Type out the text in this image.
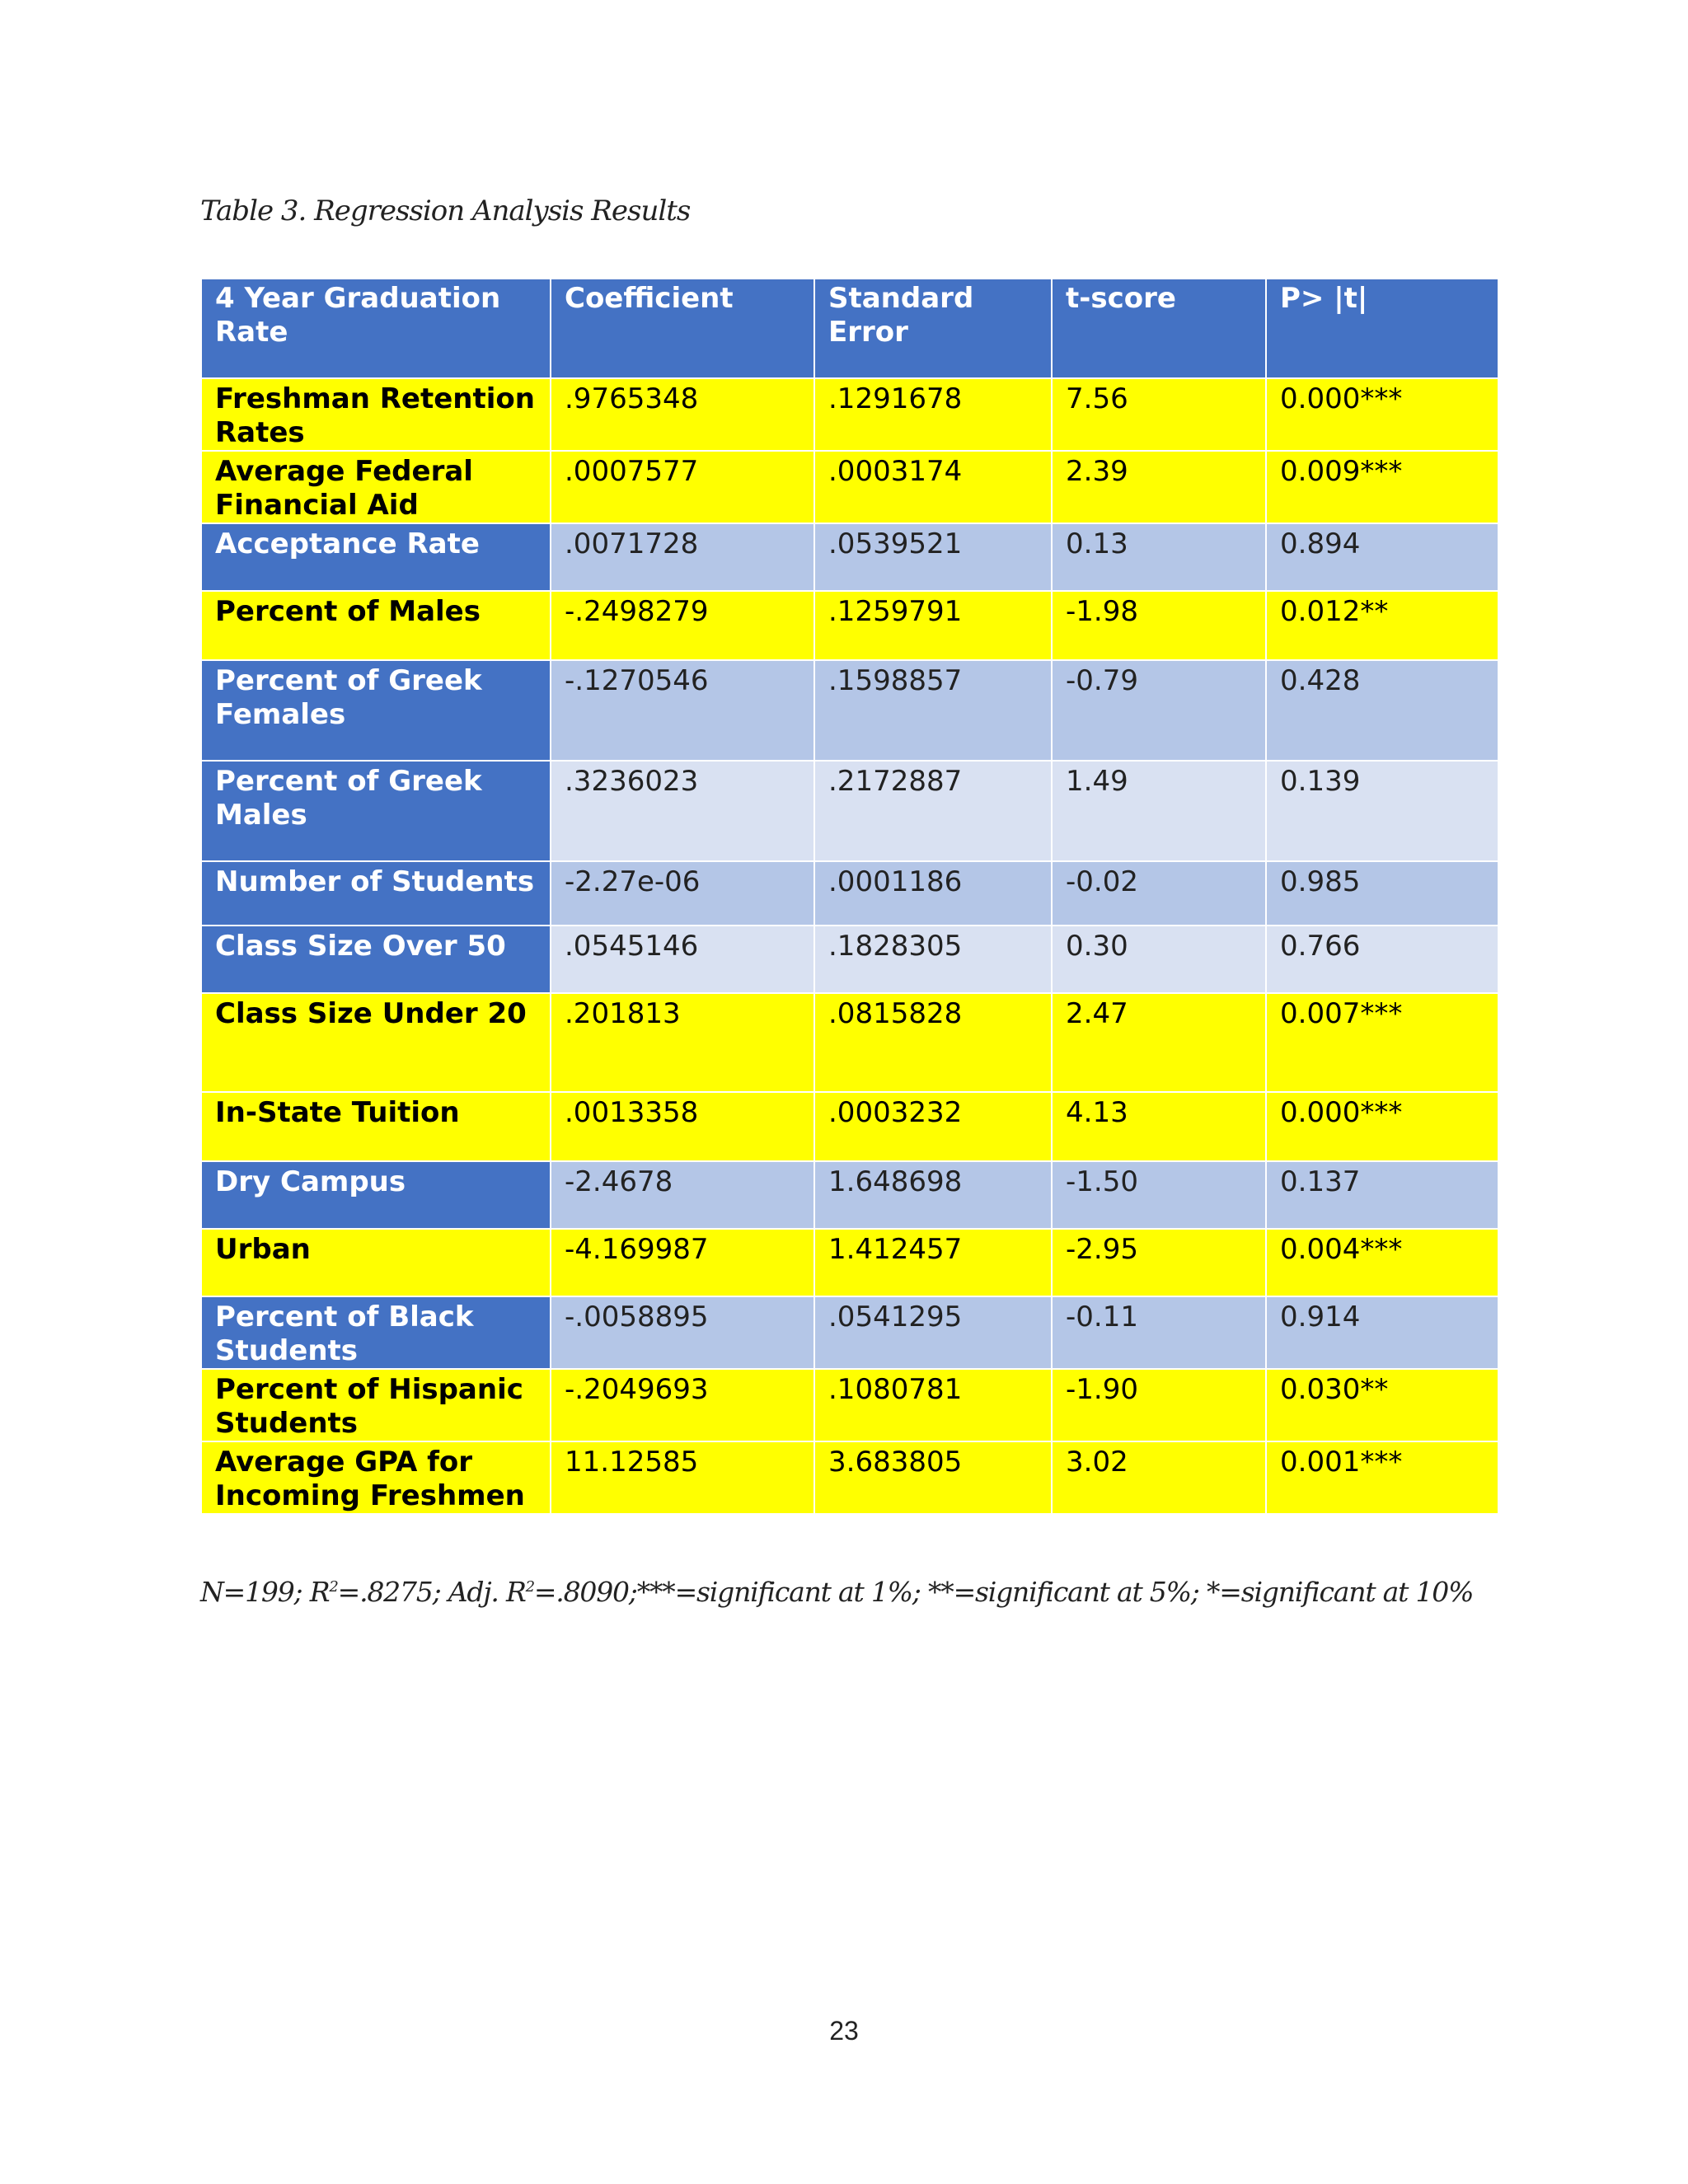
Table 3. Regression Analysis Results
4 Year Graduation Rate	Coefficient	Standard Error	t-score	P> |t|
Freshman Retention Rates	.9765348	.1291678	7.56	0.000***
Average Federal Financial Aid	.0007577	.0003174	2.39	0.009***
Acceptance Rate	.0071728	.0539521	0.13	0.894
Percent of Males	-.2498279	.1259791	-1.98	0.012**
Percent of Greek Females	-.1270546	.1598857	-0.79	0.428
Percent of Greek Males	.3236023	.2172887	1.49	0.139
Number of Students	-2.27e-06	.0001186	-0.02	0.985
Class Size Over 50	.0545146	.1828305	0.30	0.766
Class Size Under 20	.201813	.0815828	2.47	0.007***
In-State Tuition	.0013358	.0003232	4.13	0.000***
Dry Campus	-2.4678	1.648698	-1.50	0.137
Urban	-4.169987	1.412457	-2.95	0.004***
Percent of Black Students	-.0058895	.0541295	-0.11	0.914
Percent of Hispanic Students	-.2049693	.1080781	-1.90	0.030**
Average GPA for Incoming Freshmen	11.12585	3.683805	3.02	0.001***
N=199; $R^2=.8275$; Adj. $R^2=.8090;***=significant$ at 1%; **=significant at 5%; *=significant at 10%
23
